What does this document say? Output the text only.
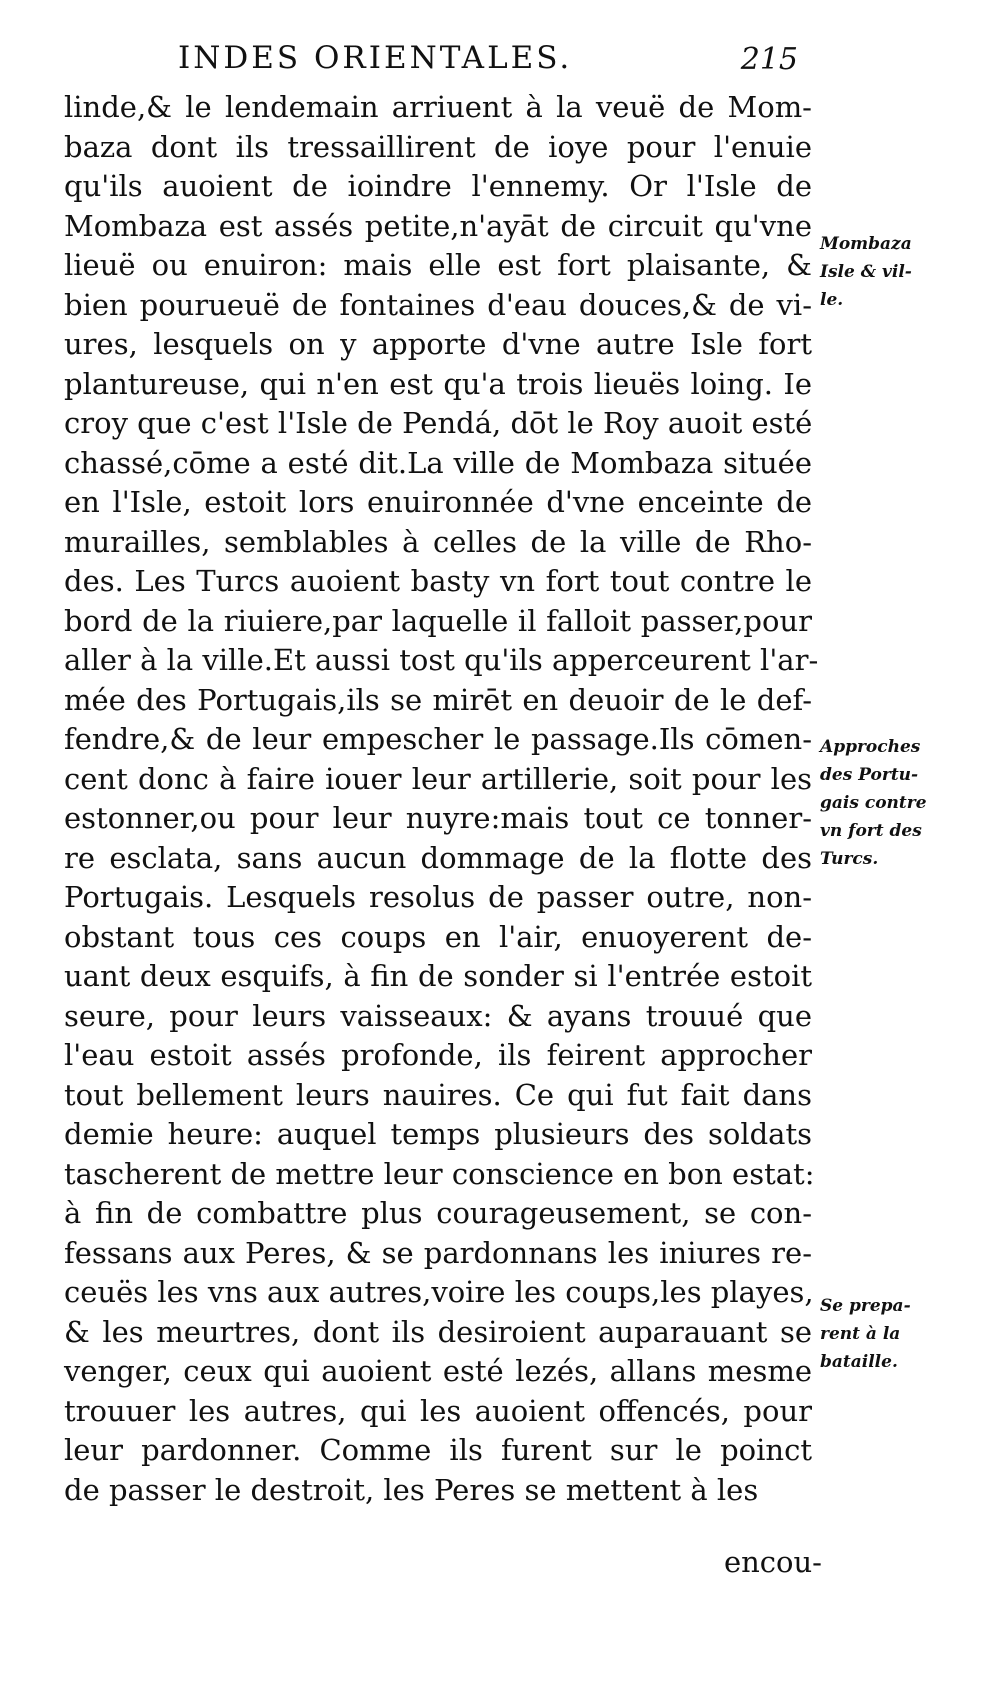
INDES ORIENTALES.	215
linde,& le lendemain arriuent à la veuë de Mom-
baza dont ils tressaillirent de ioye pour l'enuie
qu'ils auoient de ioindre l'ennemy. Or l'Isle de
Mombaza est assés petite,n'ayāt de circuit qu'vne
lieuë ou enuiron: mais elle est fort plaisante, &
bien pourueuë de fontaines d'eau douces,& de vi-
ures, lesquels on y apporte d'vne autre Isle fort
plantureuse, qui n'en est qu'a trois lieuës loing. Ie
croy que c'est l'Isle de Pendá, dōt le Roy auoit esté
chassé,cōme a esté dit.La ville de Mombaza située
en l'Isle, estoit lors enuironnée d'vne enceinte de
murailles, semblables à celles de la ville de Rho-
des. Les Turcs auoient basty vn fort tout contre le
bord de la riuiere,par laquelle il falloit passer,pour
aller à la ville.Et aussi tost qu'ils apperceurent l'ar-
mée des Portugais,ils se mirēt en deuoir de le def-
fendre,& de leur empescher le passage.Ils cōmen-
cent donc à faire iouer leur artillerie, soit pour les
estonner,ou pour leur nuyre:mais tout ce tonner-
re esclata, sans aucun dommage de la flotte des
Portugais. Lesquels resolus de passer outre, non-
obstant tous ces coups en l'air, enuoyerent de-
uant deux esquifs, à fin de sonder si l'entrée estoit
seure, pour leurs vaisseaux: & ayans trouué que
l'eau estoit assés profonde, ils feirent approcher
tout bellement leurs nauires. Ce qui fut fait dans
demie heure: auquel temps plusieurs des soldats
tascherent de mettre leur conscience en bon estat:
à fin de combattre plus courageusement, se con-
fessans aux Peres, & se pardonnans les iniures re-
ceuës les vns aux autres,voire les coups,les playes,
& les meurtres, dont ils desiroient auparauant se
venger, ceux qui auoient esté lezés, allans mesme
trouuer les autres, qui les auoient offencés, pour
leur pardonner. Comme ils furent sur le poinct
de passer le destroit, les Peres se mettent à les
encou-
Mombaza
Isle & vil-
le.
Approches
des Portu-
gais contre
vn fort des
Turcs.
Se prepa-
rent à la
bataille.
